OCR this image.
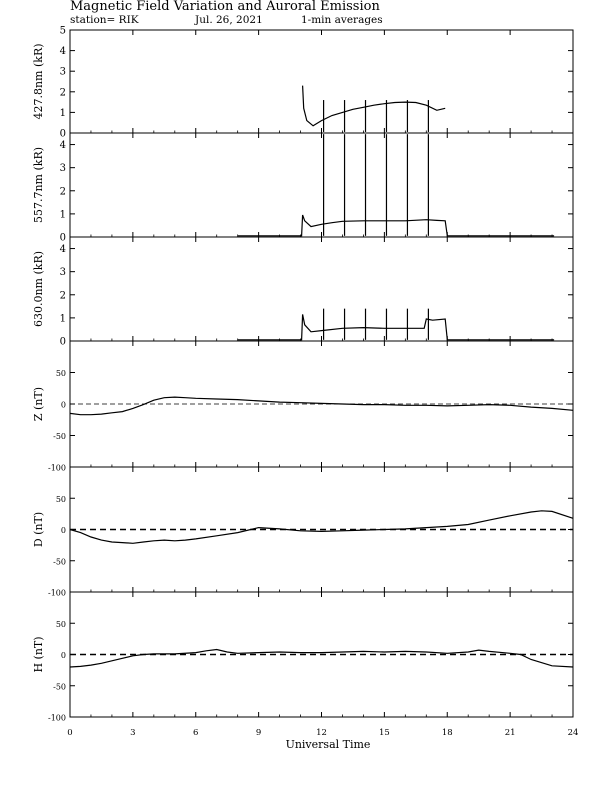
Magnetic Field Variation and Auroral Emission
station= RIK	Jul. 26, 2021	1-min averages
0
1
2
3
4
5
427.8nm (kR)
0
1
2
3
4
557.7nm (kR)
0
1
2
3
4
630.0nm (kR)
-100
-50
0
50
Z (nT)
-100
-50
0
50
D (nT)
-100
-50
0
50
H (nT)
0	3	6	9	12	15	18	21	24
Universal Time
